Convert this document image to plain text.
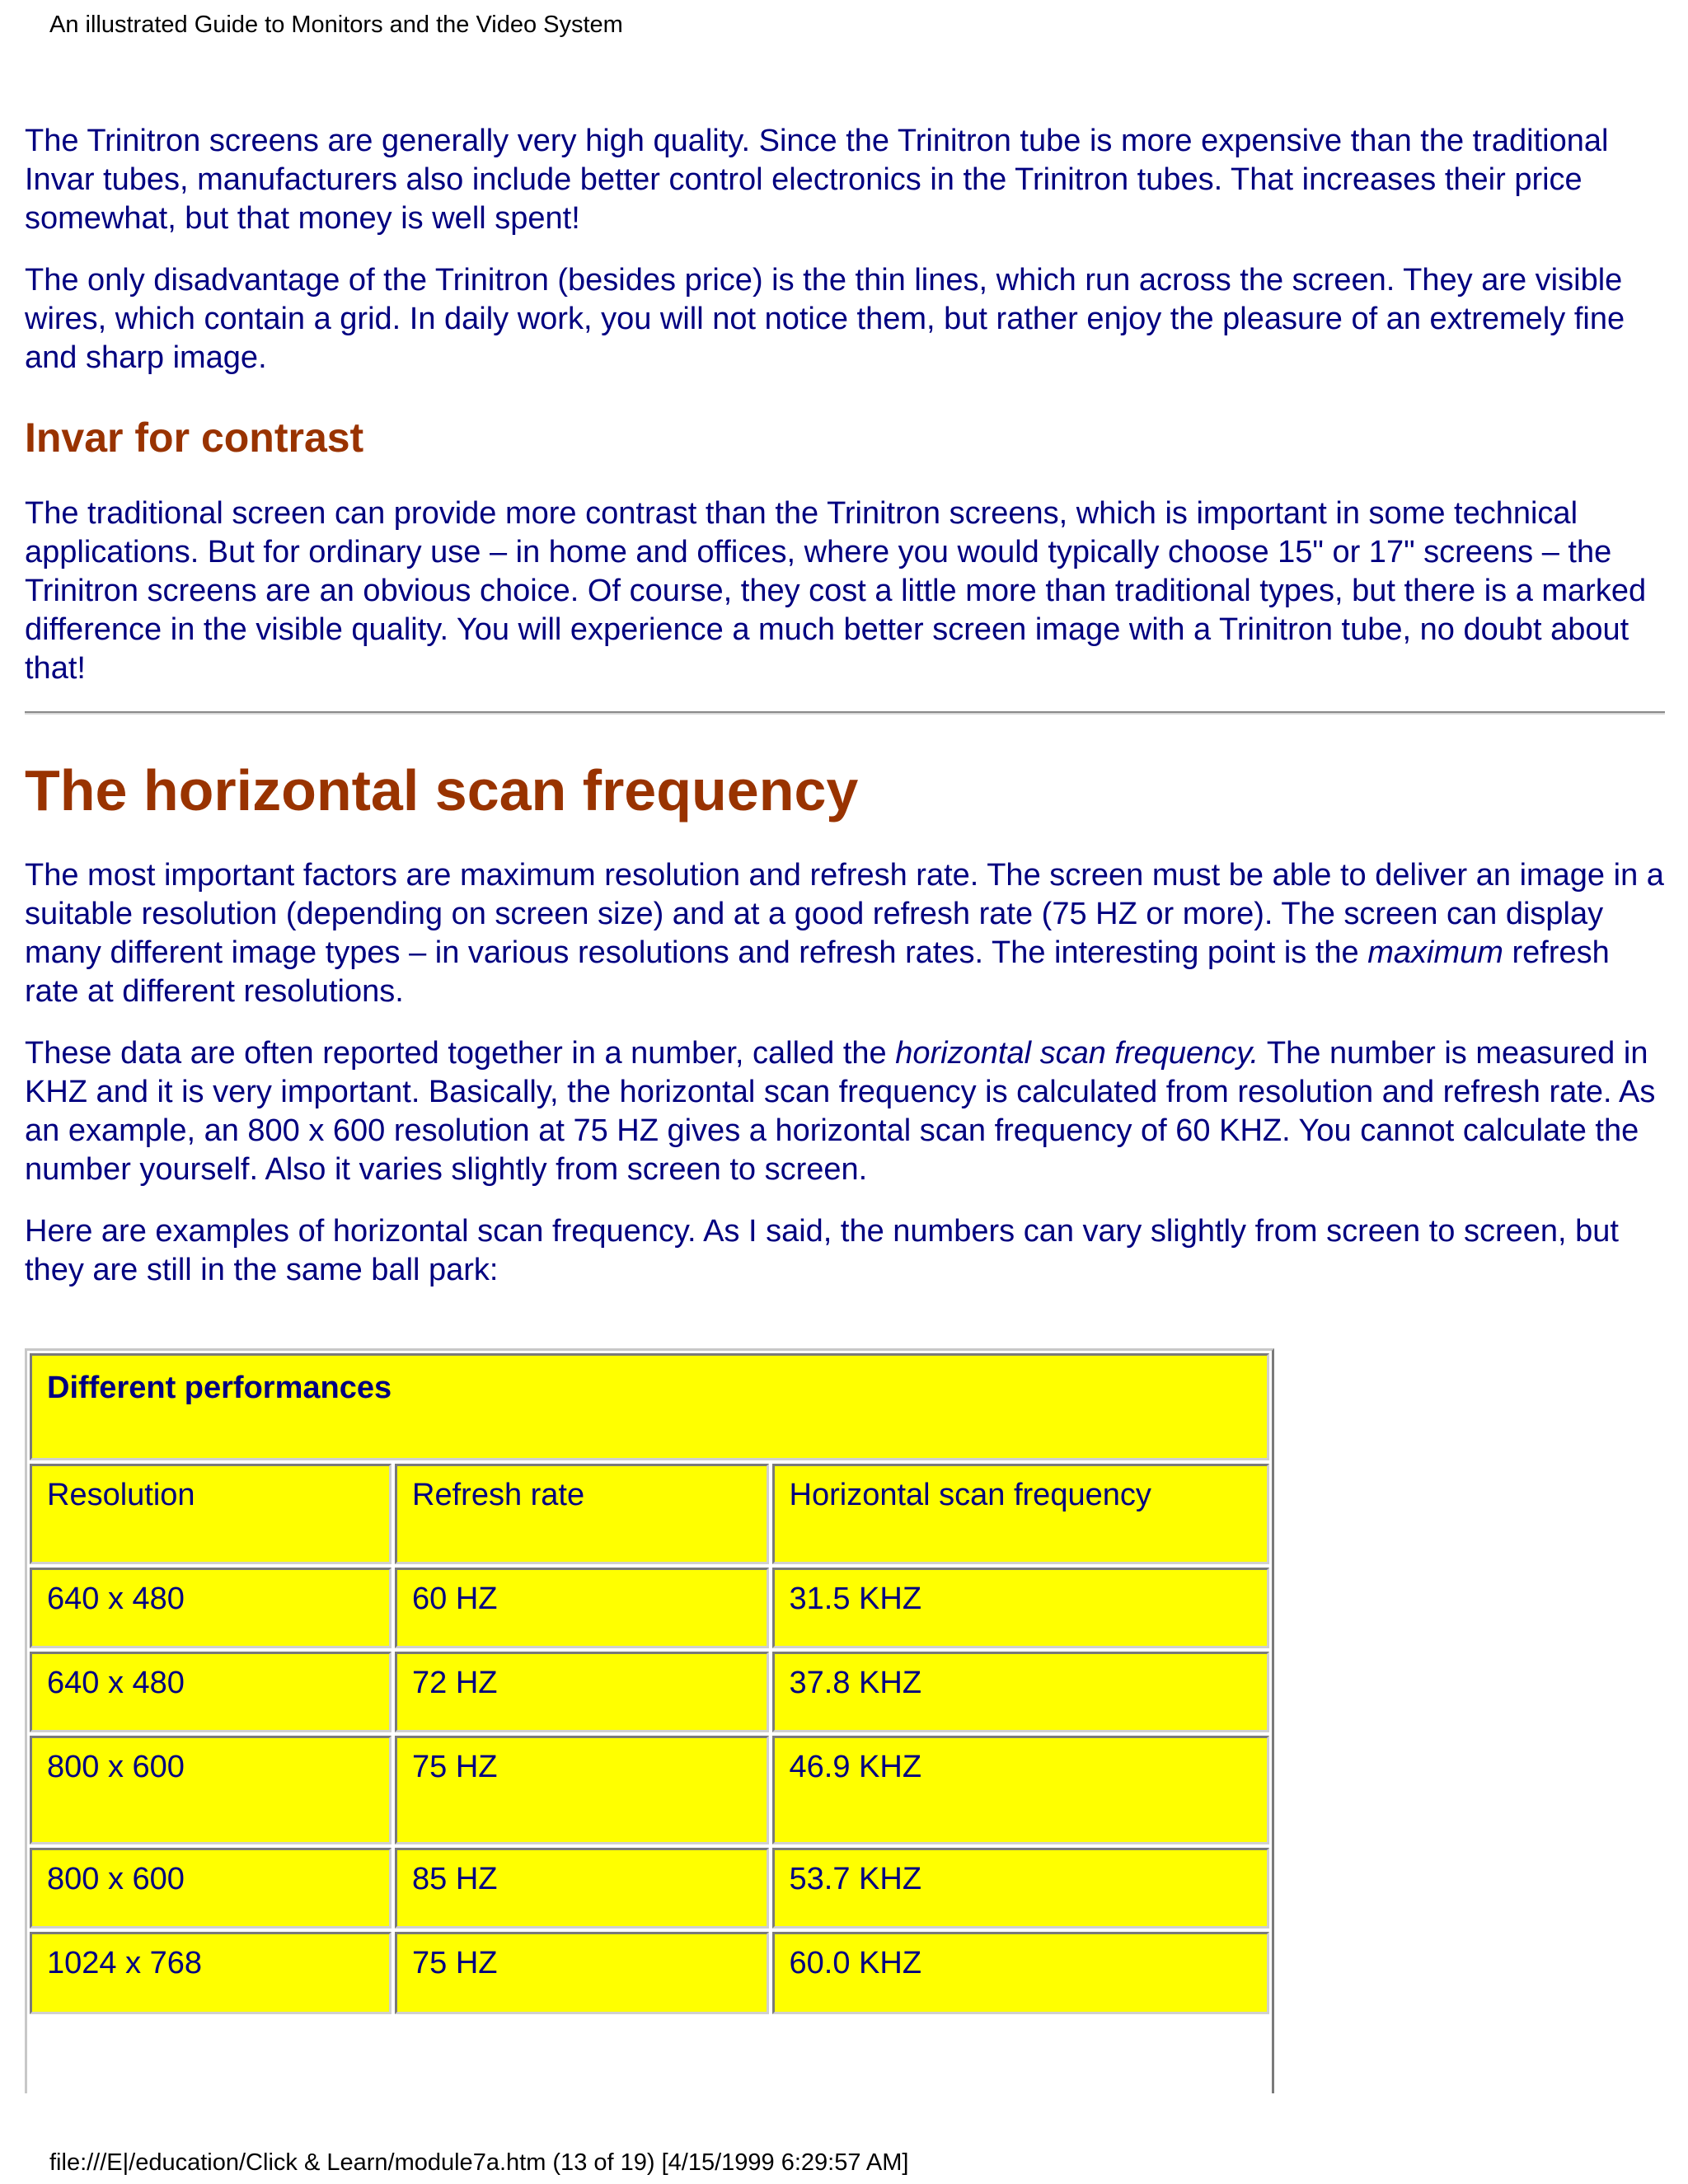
An illustrated Guide to Monitors and the Video System

The Trinitron screens are generally very high quality. Since the Trinitron tube is more expensive than the traditional Invar tubes, manufacturers also include better control electronics in the Trinitron tubes. That increases their price somewhat, but that money is well spent!

The only disadvantage of the Trinitron (besides price) is the thin lines, which run across the screen. They are visible wires, which contain a grid. In daily work, you will not notice them, but rather enjoy the pleasure of an extremely fine and sharp image.

Invar for contrast

The traditional screen can provide more contrast than the Trinitron screens, which is important in some technical applications. But for ordinary use – in home and offices, where you would typically choose 15" or 17" screens – the Trinitron screens are an obvious choice. Of course, they cost a little more than traditional types, but there is a marked difference in the visible quality. You will experience a much better screen image with a Trinitron tube, no doubt about that!

The horizontal scan frequency

The most important factors are maximum resolution and refresh rate. The screen must be able to deliver an image in a suitable resolution (depending on screen size) and at a good refresh rate (75 HZ or more). The screen can display many different image types – in various resolutions and refresh rates. The interesting point is the maximum refresh rate at different resolutions.

These data are often reported together in a number, called the horizontal scan frequency. The number is measured in KHZ and it is very important. Basically, the horizontal scan frequency is calculated from resolution and refresh rate. As an example, an 800 x 600 resolution at 75 HZ gives a horizontal scan frequency of 60 KHZ. You cannot calculate the number yourself. Also it varies slightly from screen to screen.

Here are examples of horizontal scan frequency. As I said, the numbers can vary slightly from screen to screen, but they are still in the same ball park:

Different performances		
Resolution	Refresh rate	Horizontal scan frequency
640 x 480	60 HZ	31.5 KHZ
640 x 480	72 HZ	37.8 KHZ
800 x 600	75 HZ	46.9 KHZ
800 x 600	85 HZ	53.7 KHZ
1024 x 768	75 HZ	60.0 KHZ
file:///E|/education/Click & Learn/module7a.htm (13 of 19) [4/15/1999 6:29:57 AM]
